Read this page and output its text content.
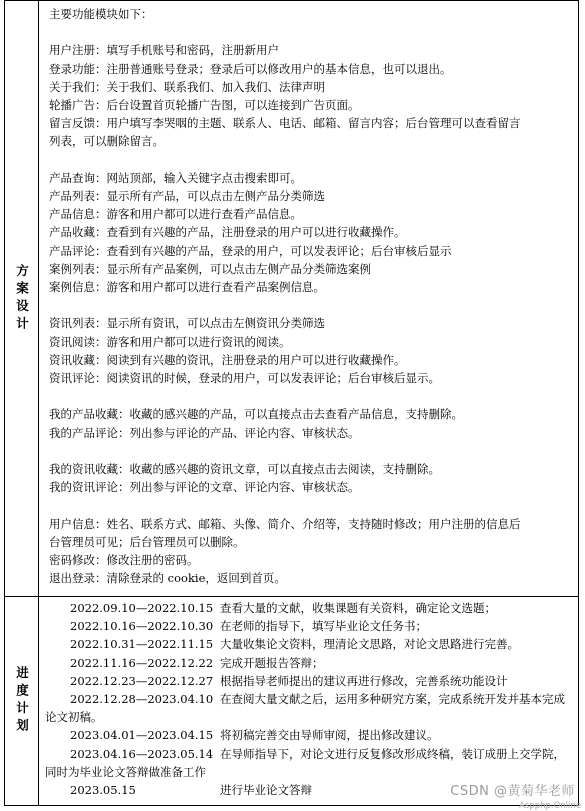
方案设计
主要功能模块如下：
用户注册：填写手机账号和密码，注册新用户
登录功能：注册普通账号登录；登录后可以修改用户的基本信息，也可以退出。
关于我们：关于我们、联系我们、加入我们、法律声明
轮播广告：后台设置首页轮播广告图，可以连接到广告页面。
留言反馈：用户填写李哭咽的主题、联系人、电话、邮箱、留言内容；后台管理可以查看留言
列表，可以删除留言。
产品查询：网站顶部，输入关键字点击搜索即可。
产品列表：显示所有产品，可以点击左侧产品分类筛选
产品信息：游客和用户都可以进行查看产品信息。
产品收藏：查看到有兴趣的产品，注册登录的用户可以进行收藏操作。
产品评论：查看到有兴趣的产品，登录的用户，可以发表评论；后台审核后显示
案例列表：显示所有产品案例，可以点击左侧产品分类筛选案例
案例信息：游客和用户都可以进行查看产品案例信息。
资讯列表：显示所有资讯，可以点击左侧资讯分类筛选
资讯阅读：游客和用户都可以进行资讯的阅读。
资讯收藏：阅读到有兴趣的资讯，注册登录的用户可以进行收藏操作。
资讯评论：阅读资讯的时候，登录的用户，可以发表评论；后台审核后显示。
我的产品收藏：收藏的感兴趣的产品，可以直接点击去查看产品信息，支持删除。
我的产品评论：列出参与评论的产品、评论内容、审核状态。
我的资讯收藏：收藏的感兴趣的资讯文章，可以直接点击去阅读，支持删除。
我的资讯评论：列出参与评论的文章、评论内容、审核状态。
用户信息：姓名、联系方式、邮箱、头像、简介、介绍等，支持随时修改；用户注册的信息后
台管理员可见；后台管理员可以删除。
密码修改：修改注册的密码。
退出登录：清除登录的 cookie，返回到首页。
进度计划
2022.09.10—2022.10.15 查看大量的文献，收集课题有关资料，确定论文选题；
2022.10.16—2022.10.30 在老师的指导下，填写毕业论文任务书；
2022.10.31—2022.11.15 大量收集论文资料，理清论文思路，对论文思路进行完善。
2022.11.16—2022.12.22 完成开题报告答辩；
2022.12.23—2022.12.27 根据指导老师提出的建议再进行修改，完善系统功能设计
2022.12.28—2023.04.10 在查阅大量文献之后，运用多种研究方案，完成系统开发并基本完成论文初稿。
2023.04.01—2023.04.15 将初稿完善交由导师审阅，提出修改建议。
2023.04.16—2023.05.14 在导师指导下，对论文进行反复修改形成终稿，装订成册上交学院，同时为毕业论文答辩做准备工作
2023.05.15	进行毕业论文答辩	CSDN @黄菊华老师
Aspphp.Online
